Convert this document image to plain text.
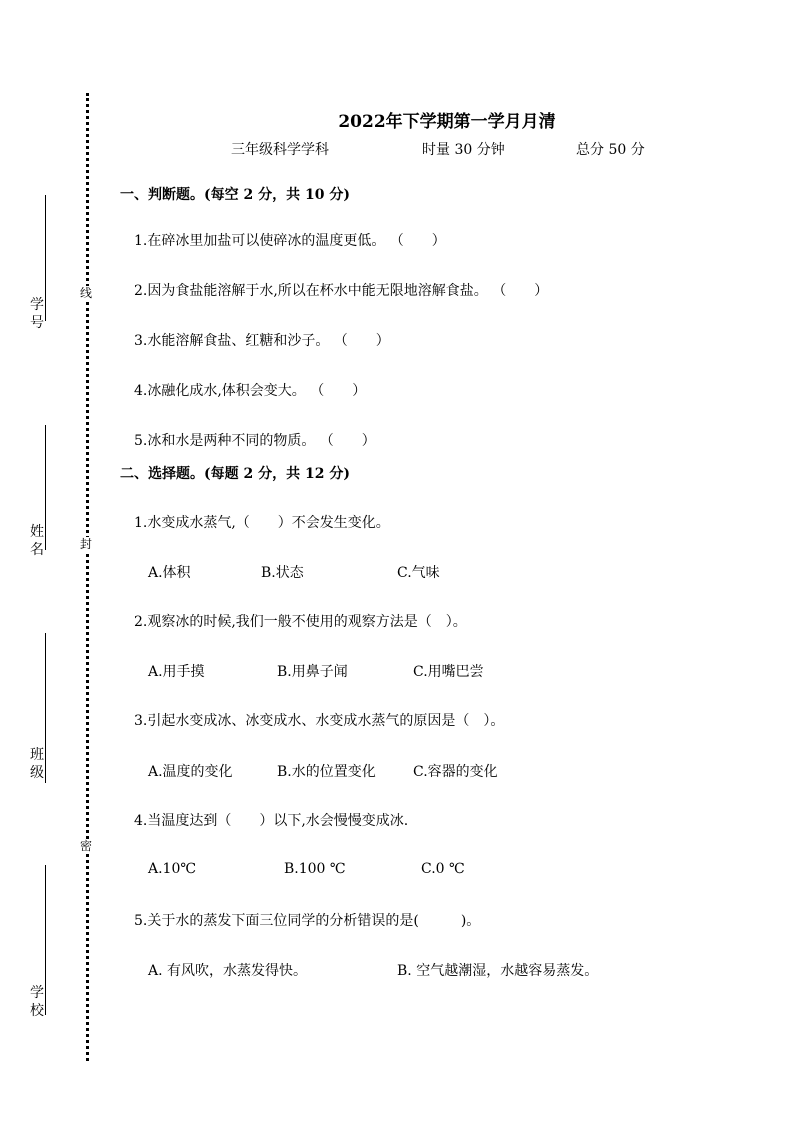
线
封
密
学 号
姓 名
班 级
学 校
2022年下学期第一学月月清
三年级科学学科	时量 30 分钟	总分 50 分
一、判断题。(每空 2 分，共 10 分)
1.在碎冰里加盐可以使碎冰的温度更低。 （　　）
2.因为食盐能溶解于水,所以在杯水中能无限地溶解食盐。 （　　）
3.水能溶解食盐、红糖和沙子。 （　　）
4.冰融化成水,体积会变大。 （　　）
5.冰和水是两种不同的物质。 （　　）
二、选择题。(每题 2 分，共 12 分)
1.水变成水蒸气,（　　）不会发生变化。
A.体积	B.状态	C.气味
2.观察冰的时候,我们一般不使用的观察方法是（　）。
A.用手摸	B.用鼻子闻	C.用嘴巴尝
3.引起水变成冰、冰变成水、水变成水蒸气的原因是（　）。
A.温度的变化	B.水的位置变化	C.容器的变化
4.当温度达到（　　）以下,水会慢慢变成冰.
A.10℃	B.100 ℃	C.0 ℃
5.关于水的蒸发下面三位同学的分析错误的是(　　　)。
A. 有风吹，水蒸发得快。	B. 空气越潮湿，水越容易蒸发。
